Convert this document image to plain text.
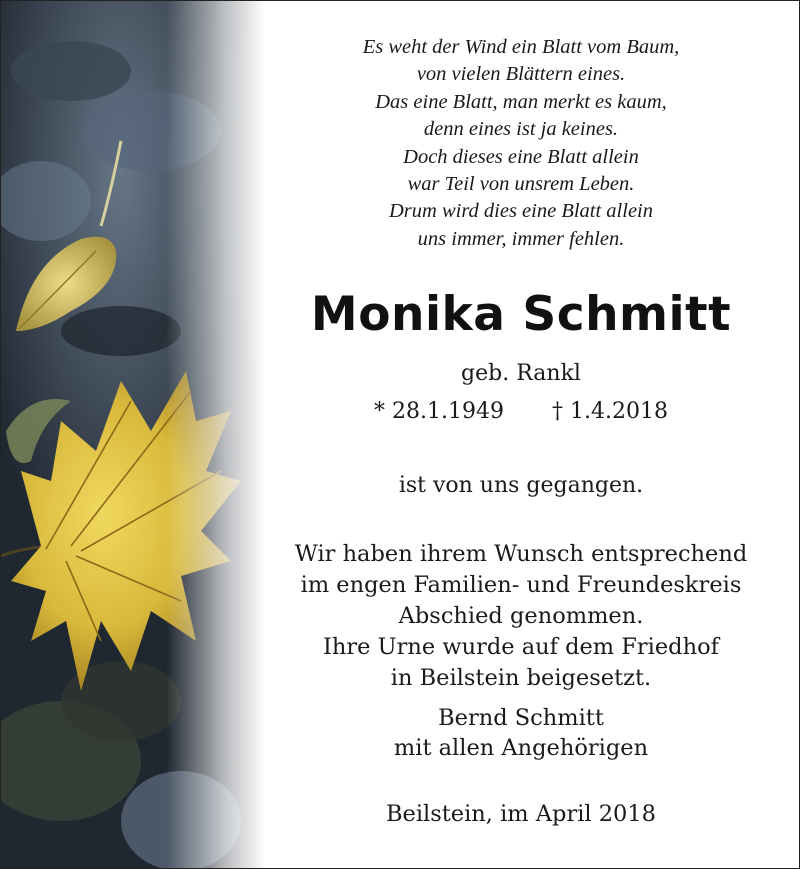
Es weht der Wind ein Blatt vom Baum,
von vielen Blättern eines.
Das eine Blatt, man merkt es kaum,
denn eines ist ja keines.
Doch dieses eine Blatt allein
war Teil von unsrem Leben.
Drum wird dies eine Blatt allein
uns immer, immer fehlen.
Monika Schmitt
geb. Rankl
* 28.1.1949 † 1.4.2018
ist von uns gegangen.
Wir haben ihrem Wunsch entsprechend
im engen Familien- und Freundeskreis
Abschied genommen.
Ihre Urne wurde auf dem Friedhof
in Beilstein beigesetzt.
Bernd Schmitt
mit allen Angehörigen
Beilstein, im April 2018
